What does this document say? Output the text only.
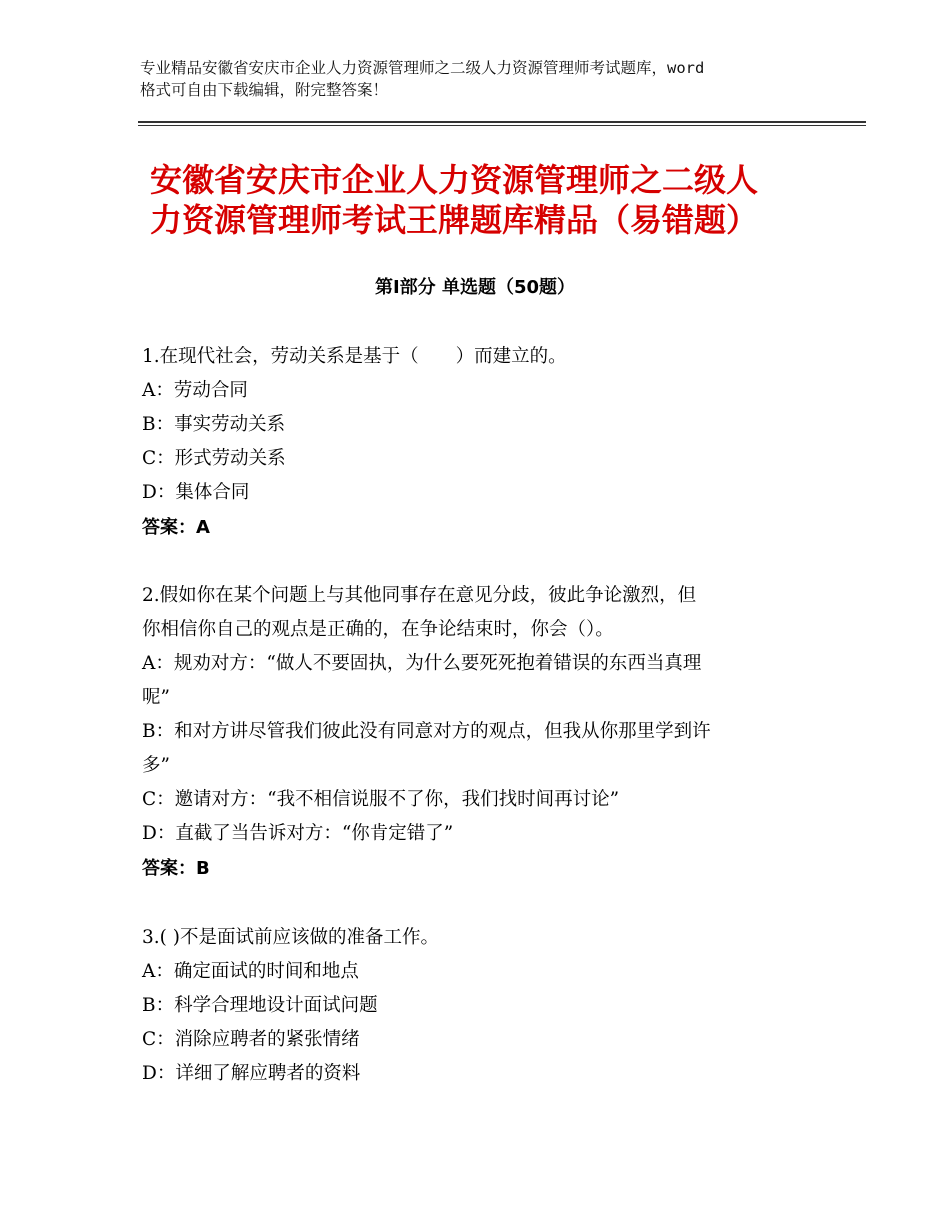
专业精品安徽省安庆市企业人力资源管理师之二级人力资源管理师考试题库，word
格式可自由下载编辑，附完整答案！
安徽省安庆市企业人力资源管理师之二级人
力资源管理师考试王牌题库精品（易错题）
第Ⅰ部分 单选题（50题）
1.在现代社会，劳动关系是基于（　　）而建立的。
A：劳动合同
B：事实劳动关系
C：形式劳动关系
D：集体合同
答案：A
2.假如你在某个问题上与其他同事存在意见分歧，彼此争论激烈，但
你相信你自己的观点是正确的，在争论结束时，你会（）。
A：规劝对方：“做人不要固执，为什么要死死抱着错误的东西当真理
呢”
B：和对方讲尽管我们彼此没有同意对方的观点，但我从你那里学到许
多”
C：邀请对方：“我不相信说服不了你，我们找时间再讨论”
D：直截了当告诉对方：“你肯定错了”
答案：B
3.( )不是面试前应该做的准备工作。
A：确定面试的时间和地点
B：科学合理地设计面试问题
C：消除应聘者的紧张情绪
D：详细了解应聘者的资料
